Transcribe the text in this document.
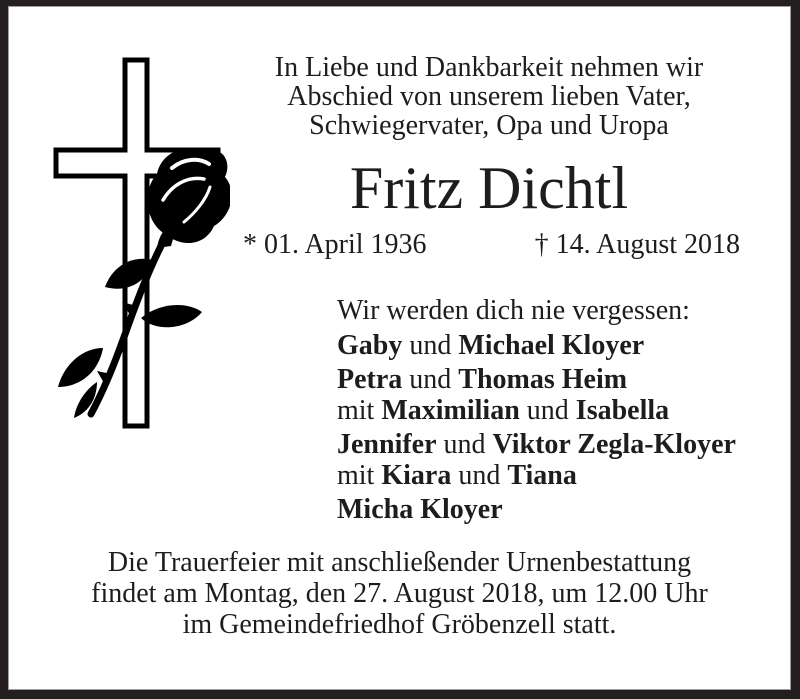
In Liebe und Dankbarkeit nehmen wir
Abschied von unserem lieben Vater,
Schwiegervater, Opa und Uropa
Fritz Dichtl
* 01. April 1936	† 14. August 2018
Wir werden dich nie vergessen:
Gaby und Michael Kloyer
Petra und Thomas Heim
mit Maximilian und Isabella
Jennifer und Viktor Zegla-Kloyer
mit Kiara und Tiana
Micha Kloyer
Die Trauerfeier mit anschließender Urnenbestattung
findet am Montag, den 27. August 2018, um 12.00 Uhr
im Gemeindefriedhof Gröbenzell statt.
